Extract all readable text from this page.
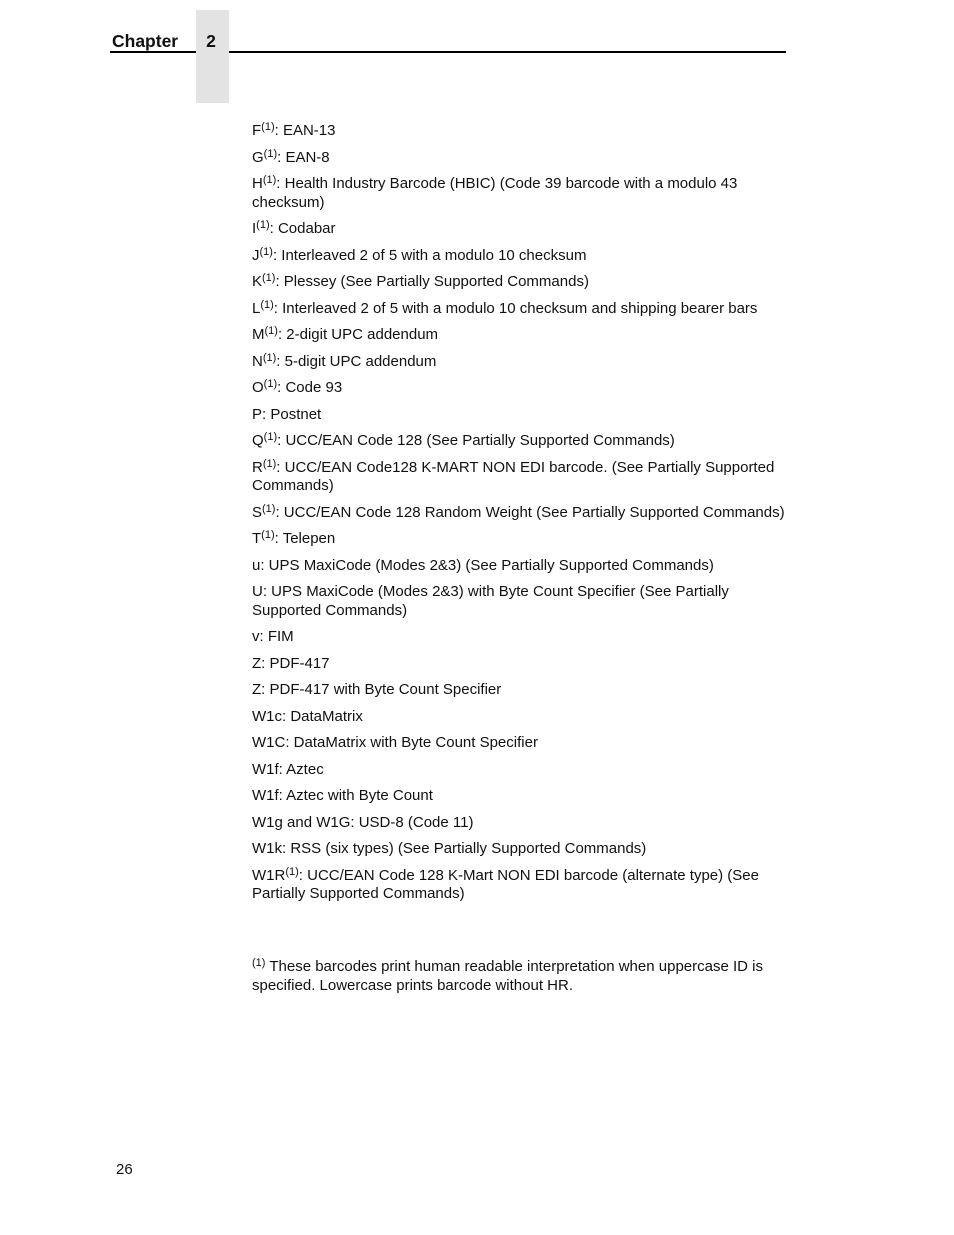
Chapter	2
$F^{(1)}$: EAN-13
$G^{(1)}$: EAN-8
$H^{(1)}$: Health Industry Barcode (HBIC) (Code 39 barcode with a modulo 43 checksum)
$I^{(1)}$: Codabar
$J^{(1)}$: Interleaved 2 of 5 with a modulo 10 checksum
$K^{(1)}$: Plessey (See Partially Supported Commands)
$L^{(1)}$: Interleaved 2 of 5 with a modulo 10 checksum and shipping bearer bars
$M^{(1)}$: 2-digit UPC addendum
$N^{(1)}$: 5-digit UPC addendum
$O^{(1)}$: Code 93
P: Postnet
$Q^{(1)}$: UCC/EAN Code 128 (See Partially Supported Commands)
$R^{(1)}$: UCC/EAN Code128 K-MART NON EDI barcode. (See Partially Supported Commands)
$S^{(1)}$: UCC/EAN Code 128 Random Weight (See Partially Supported Commands)
$T^{(1)}$: Telepen
u: UPS MaxiCode (Modes 2&3) (See Partially Supported Commands)
U: UPS MaxiCode (Modes 2&3) with Byte Count Specifier (See Partially Supported Commands)
v: FIM
Z: PDF-417
Z: PDF-417 with Byte Count Specifier
W1c: DataMatrix
W1C: DataMatrix with Byte Count Specifier
W1f: Aztec
W1f: Aztec with Byte Count
W1g and W1G: USD-8 (Code 11)
W1k: RSS (six types) (See Partially Supported Commands)
$W1R^{(1)}$: UCC/EAN Code 128 K-Mart NON EDI barcode (alternate type) (See Partially Supported Commands)

$^{(1)}$ These barcodes print human readable interpretation when uppercase ID is specified. Lowercase prints barcode without HR.

26
